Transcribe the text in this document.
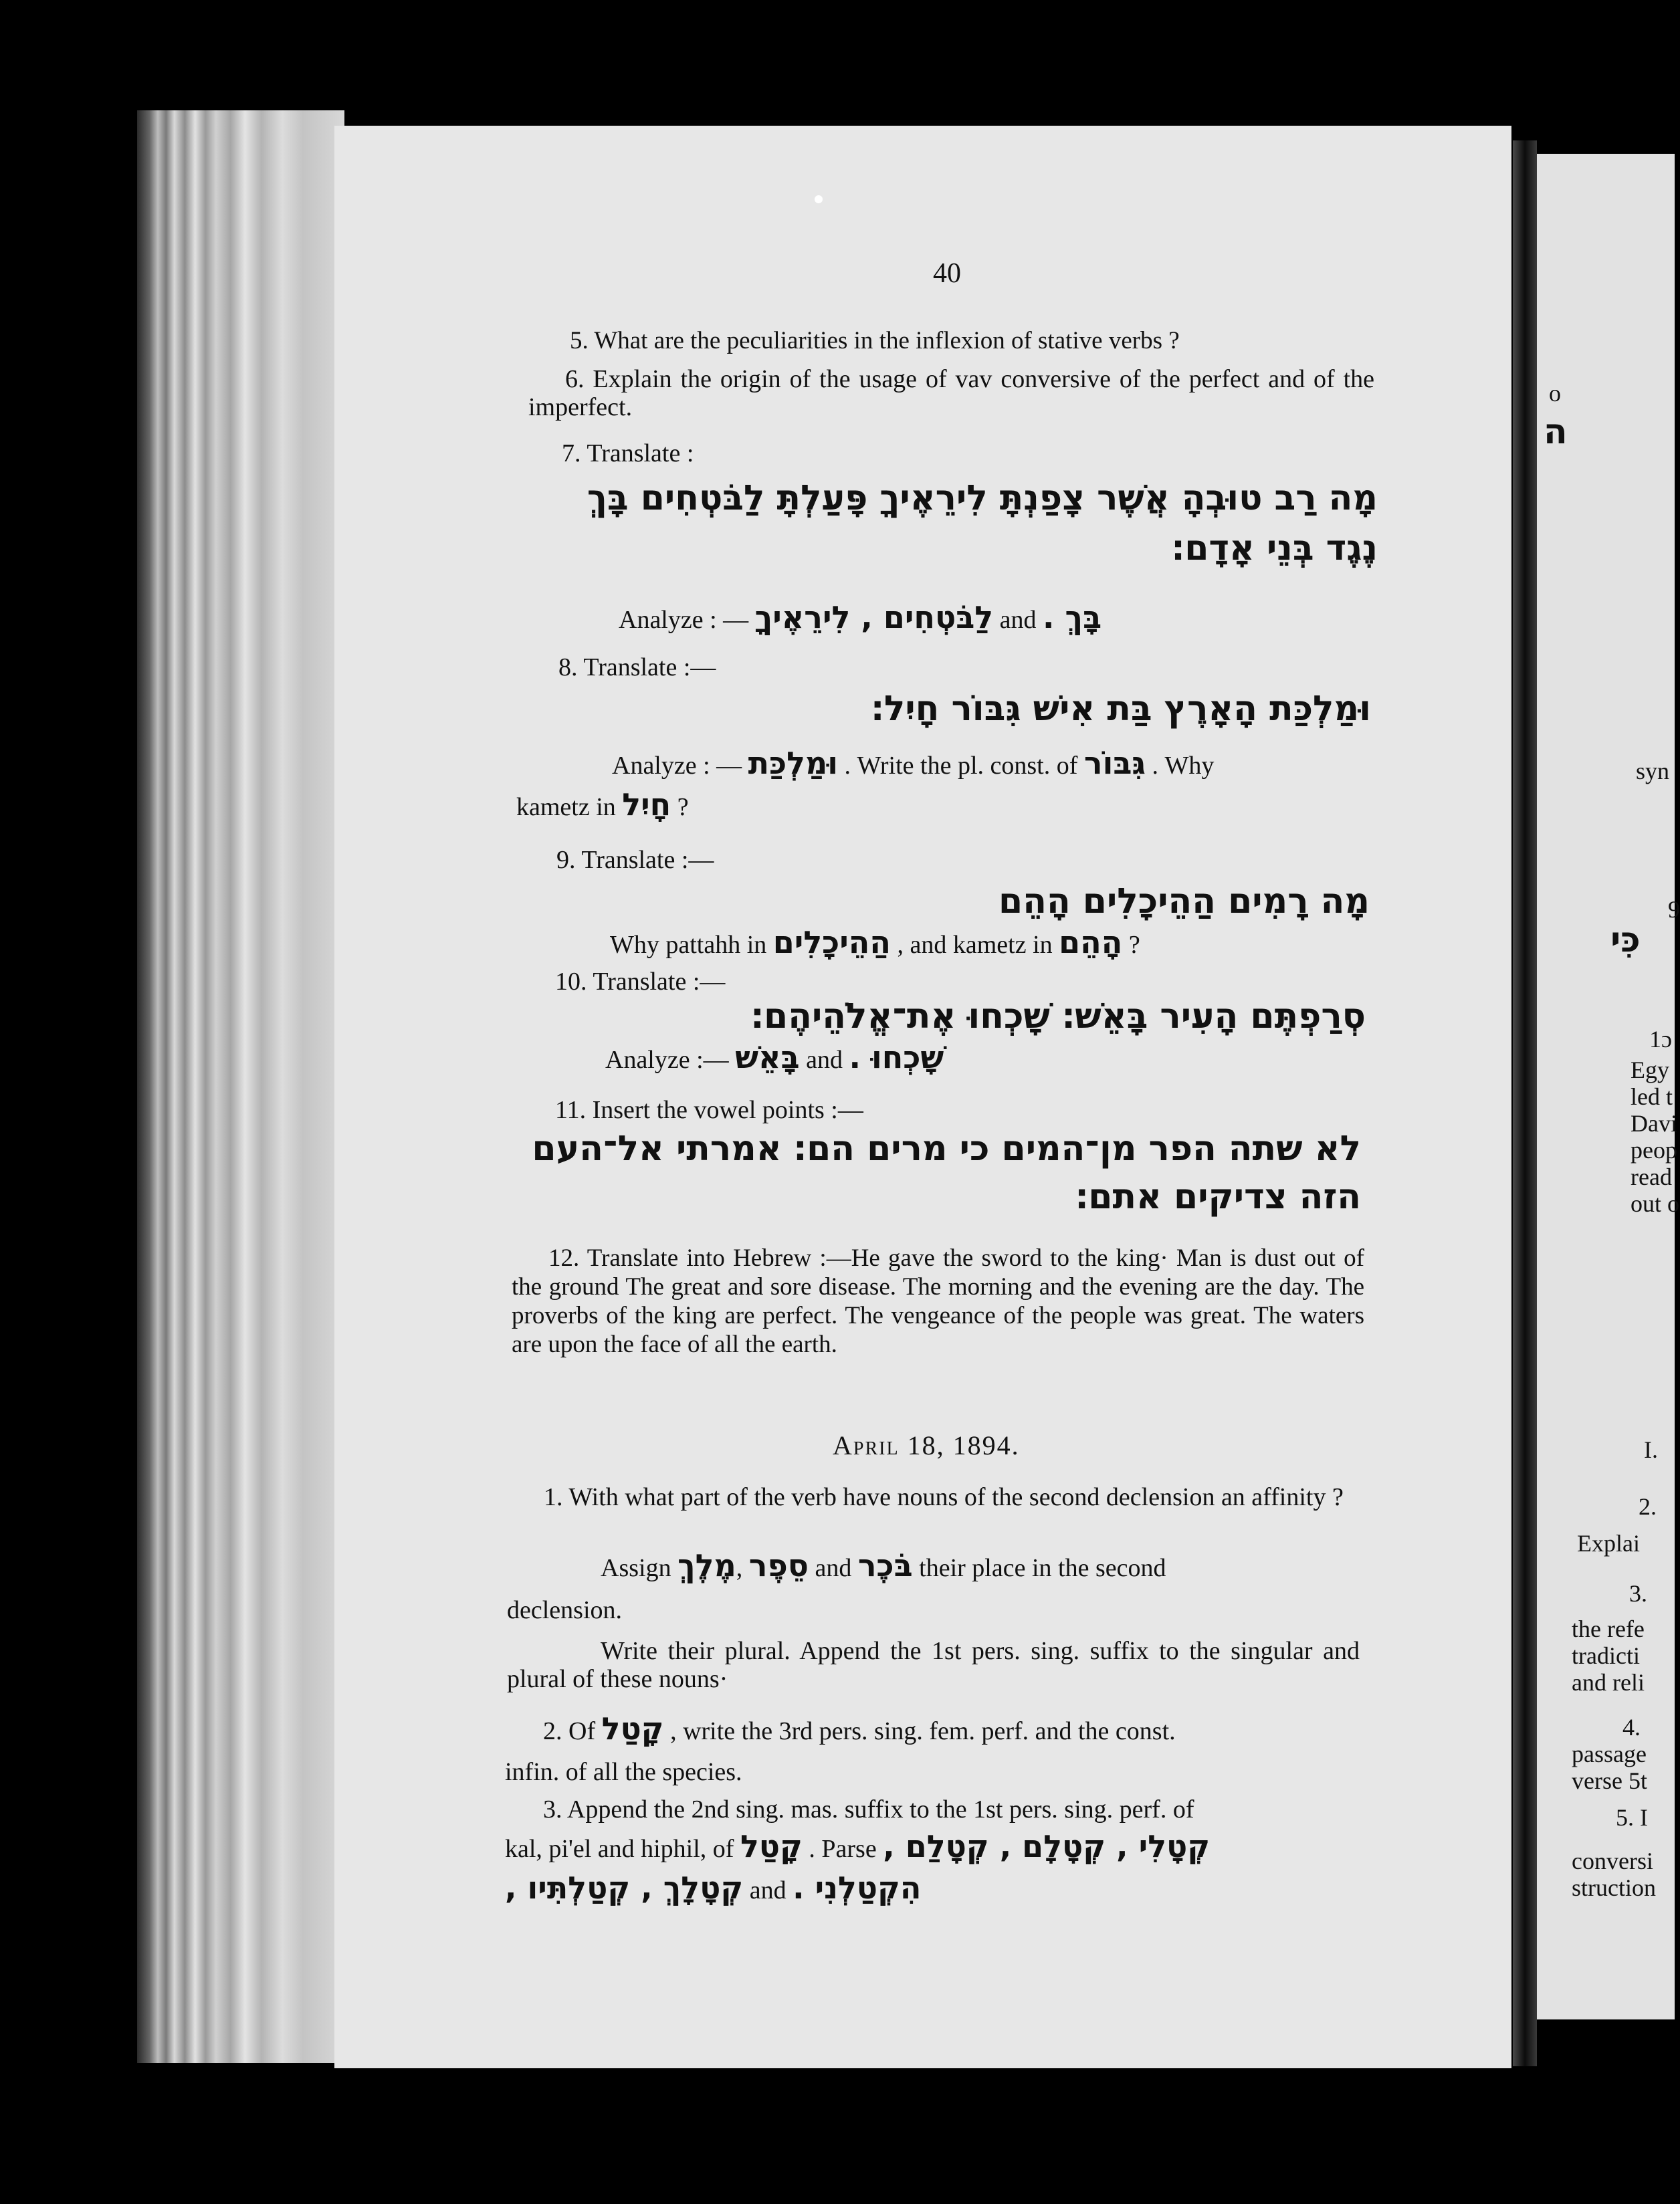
40
5. What are the peculiarities in the inflexion of stative verbs ?
6. Explain the origin of the usage of vav conversive of the perfect and of the imperfect.
7. Translate :
מָה רַב טוּבְהָ אֲשֶׁר צָפַנְתָּ לִירֵאֶיךָ פָּעַלְתָּ לַבֹּטְחִים בָּךְ
נֶגֶד בְּנֵי אָדָם׃
Analyze : — לַבֹּטְחִים , לִירֵאֶיךָ and בָּךְ .
8. Translate :—
וּמַלְכַּת הָאָרֶץ בַּת אִישׁ גִּבּוֹר חָיִל׃
Analyze : — וּמַלְכַּת . Write the pl. const. of גִּבּוֹר . Why
kametz in חָיִל ?
9. Translate :—
מָה רָמִים הַהֵיכָלִים הָהֵם
Why pattahh in הַהֵיכָלִים , and kametz in הָהֵם ?
10. Translate :—
סְרַפְתֶּם הָעִיר בָּאֵשׁ׃ שָׁכְחוּ אֶת־אֱלֹהֵיהֶם׃
Analyze :— בָּאֵשׁ and שָׁכְחוּ .
11. Insert the vowel points :—
לא שתה הפר מן־המים כי מרים הם׃ אמרתי אל־העם
הזה צדיקים אתם׃
12. Translate into Hebrew :—He gave the sword to the king· Man is dust out of the ground The great and sore disease. The morning and the evening are the day. The proverbs of the king are perfect. The vengeance of the people was great. The waters are upon the face of all the earth.
April 18, 1894.
1. With what part of the verb have nouns of the second declension an affinity ?
Assign מֶלֶךְ, סֵפֶר and בֹּכֶר their place in the second
declension.
Write their plural. Append the 1st pers. sing. suffix to the singular and plural of these nouns·
2. Of קָטַל , write the 3rd pers. sing. fem. perf. and the const.
infin. of all the species.
3. Append the 2nd sing. mas. suffix to the 1st pers. sing. perf. of
kal, pi'el and hiphil, of קָטַל . Parse קְטָלִי , קְטָלָם , קְטָלַם ,
קְטָלָךְ , קְטַלְתִּיו , and הִקְטַלְנִי .
o
ה
syn
9
כִּי
1ɔ
Egy
led t
Davi
peop
read
out o
I.
2.
Explai
3.
the refe
tradicti
and reli
4.
passage
verse 5t
5. I
conversi
struction
